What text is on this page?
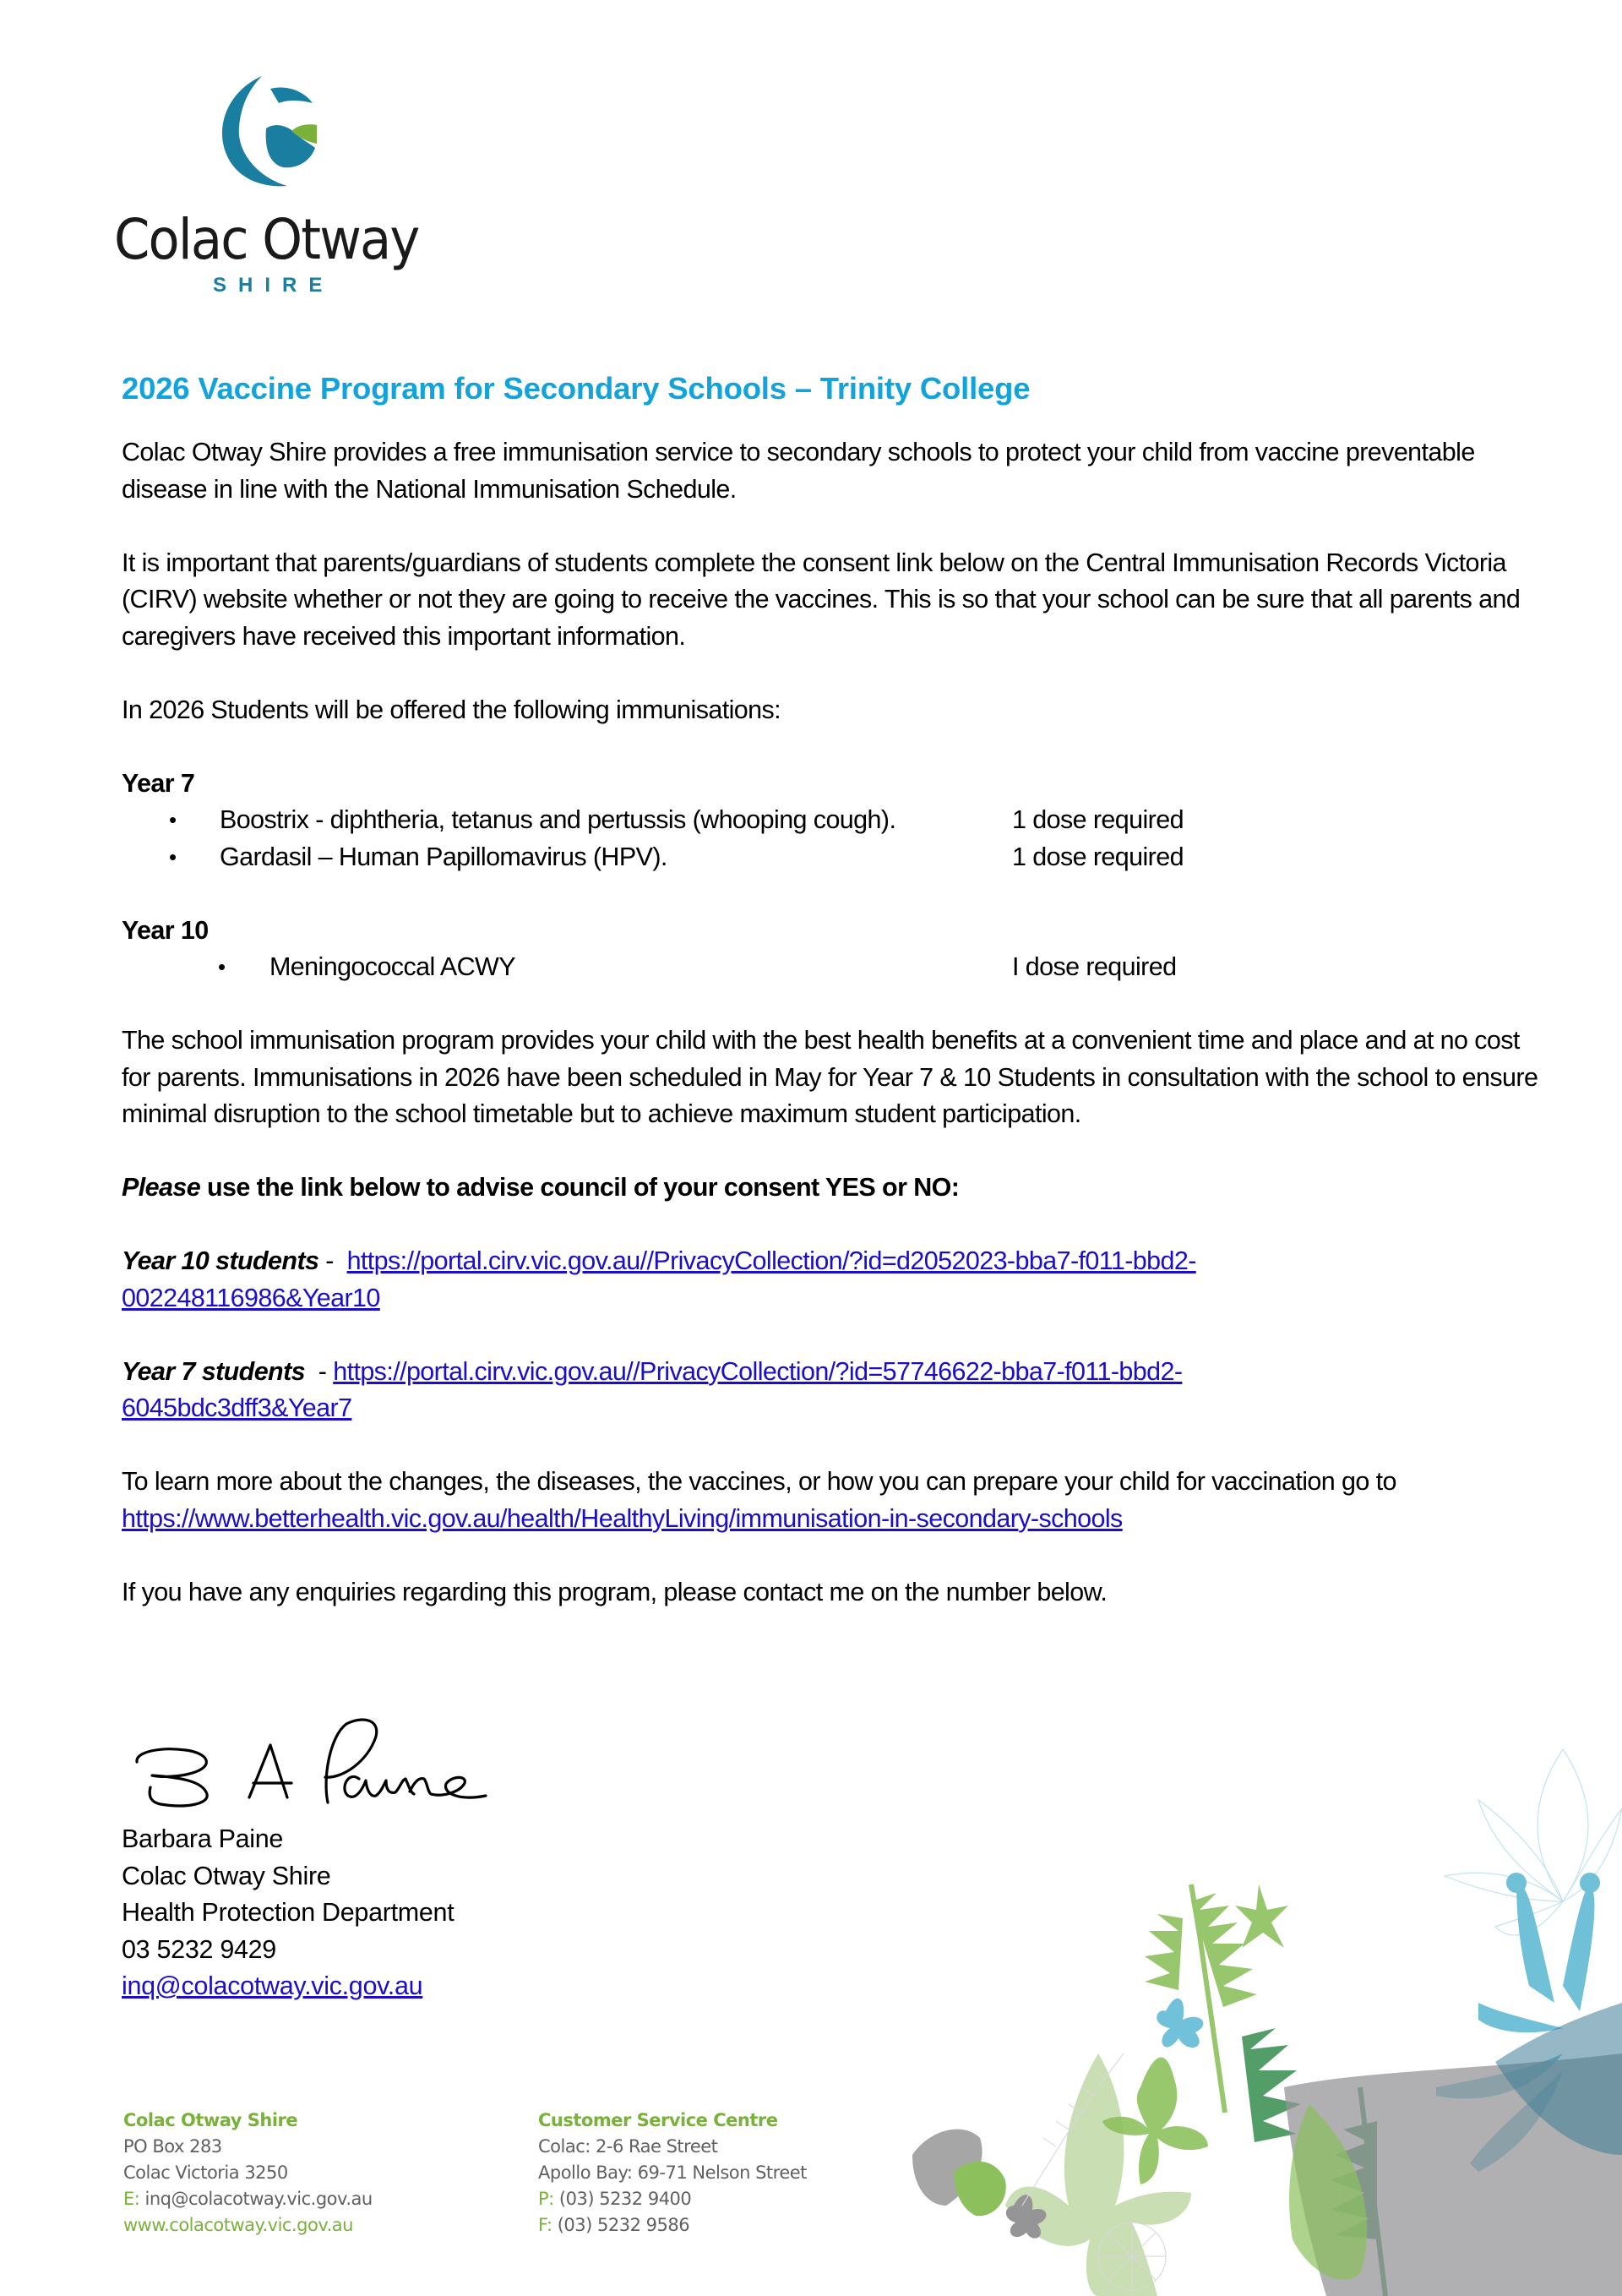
Colac Otway
SHIRE
2026 Vaccine Program for Secondary Schools – Trinity College

Colac Otway Shire provides a free immunisation service to secondary schools to protect your child from vaccine preventable disease in line with the National Immunisation Schedule.

It is important that parents/guardians of students complete the consent link below on the Central Immunisation Records Victoria (CIRV) website whether or not they are going to receive the vaccines. This is so that your school can be sure that all parents and caregivers have received this important information.

In 2026 Students will be offered the following immunisations:

Year 7
• Boostrix - diphtheria, tetanus and pertussis (whooping cough).	1 dose required
• Gardasil – Human Papillomavirus (HPV).	1 dose required
Year 10
• Meningococcal ACWY	I dose required

The school immunisation program provides your child with the best health benefits at a convenient time and place and at no cost for parents. Immunisations in 2026 have been scheduled in May for Year 7 & 10 Students in consultation with the school to ensure minimal disruption to the school timetable but to achieve maximum student participation.

Please use the link below to advise council of your consent YES or NO:

Year 10 students -  https://portal.cirv.vic.gov.au//PrivacyCollection/?id=d2052023-bba7-f011-bbd2-
002248116986&Year10

Year 7 students  - https://portal.cirv.vic.gov.au//PrivacyCollection/?id=57746622-bba7-f011-bbd2-
6045bdc3dff3&Year7

To learn more about the changes, the diseases, the vaccines, or how you can prepare your child for vaccination go to https://www.betterhealth.vic.gov.au/health/HealthyLiving/immunisation-in-secondary-schools

If you have any enquiries regarding this program, please contact me on the number below.

Barbara Paine
Colac Otway Shire
Health Protection Department
03 5232 9429
inq@colacotway.vic.gov.au
Colac Otway Shire
PO Box 283
Colac Victoria 3250
E: inq@colacotway.vic.gov.au
www.colacotway.vic.gov.au
Customer Service Centre
Colac: 2-6 Rae Street
Apollo Bay: 69-71 Nelson Street
P: (03) 5232 9400
F: (03) 5232 9586
